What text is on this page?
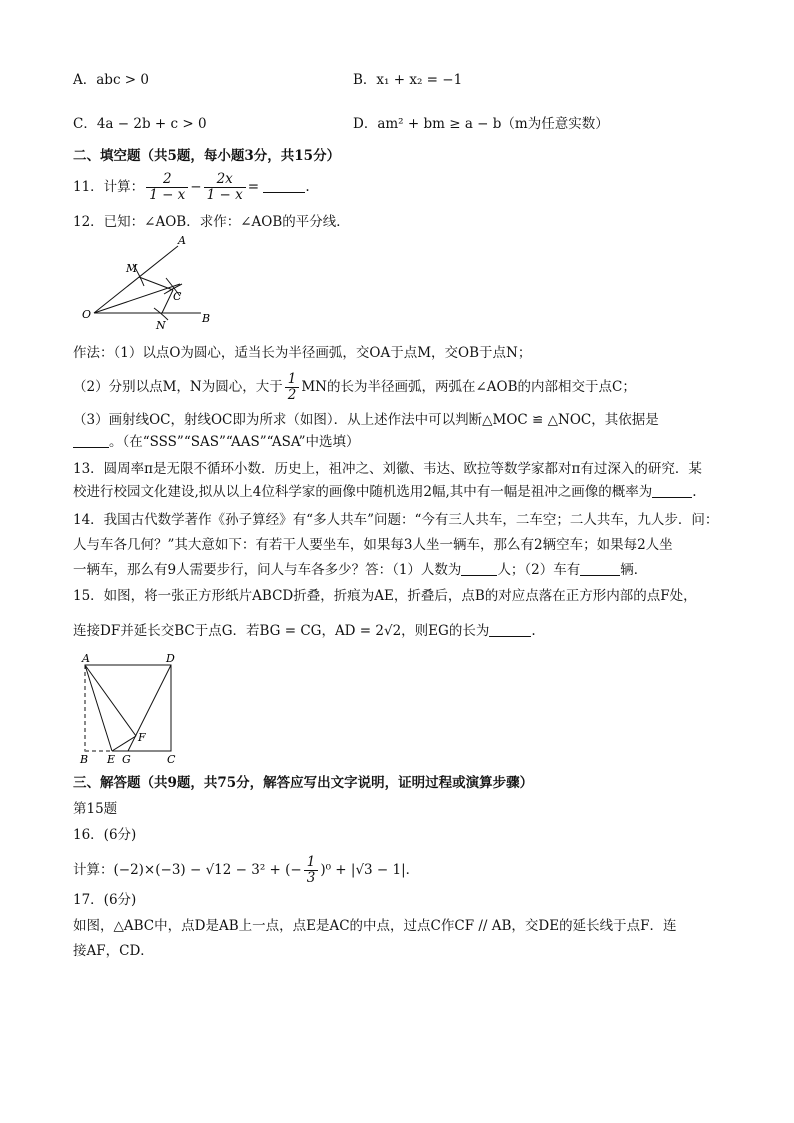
A．abc > 0	B．x₁ + x₂ = −1
C．4a − 2b + c > 0	D．am² + bm ≥ a − b（m为任意实数）
二、填空题（共5题，每小题3分，共15分）
11．计算： $\frac{2}{1 - x} - \frac{2x}{1 - x}$ =	.
12．已知：∠AOB．求作：∠AOB的平分线．
A
M
C
O
N
B
作法：（1）以点O为圆心，适当长为半径画弧，交OA于点M，交OB于点N；
（2）分别以点M，N为圆心，大于 $\frac{1}{2}$ MN的长为半径画弧，两弧在∠AOB的内部相交于点C；
（3）画射线OC，射线OC即为所求（如图）．从上述作法中可以判断△MOC ≌ △NOC，其依据是
。（在“SSS”“SAS”“AAS”“ASA”中选填）
13．圆周率π是无限不循环小数．历史上，祖冲之、刘徽、韦达、欧拉等数学家都对π有过深入的研究．某
校进行校园文化建设,拟从以上4位科学家的画像中随机选用2幅,其中有一幅是祖冲之画像的概率为	.
14．我国古代数学著作《孙子算经》有“多人共车”问题：“今有三人共车，二车空；二人共车，九人步．问：
人与车各几何？”其大意如下：有若干人要坐车，如果每3人坐一辆车，那么有2辆空车；如果每2人坐
一辆车，那么有9人需要步行，问人与车各多少？答：（1）人数为	人；（2）车有	辆．
15．如图，将一张正方形纸片ABCD折叠，折痕为AE，折叠后，点B的对应点落在正方形内部的点F处，
连接DF并延长交BC于点G．若BG = CG，AD = 2√2，则EG的长为	.
A	D
F
B E G	C
三、解答题（共9题，共75分，解答应写出文字说明，证明过程或演算步骤）
第15题
16．(6分)
计算：(−2)×(−3) − √12 − 3² + (− $\frac{1}{3} )^0 + |√3 - 1|$．
17．(6分)
如图，△ABC中，点D是AB上一点，点E是AC的中点，过点C作CF // AB，交DE的延长线于点F．连
接AF，CD．
